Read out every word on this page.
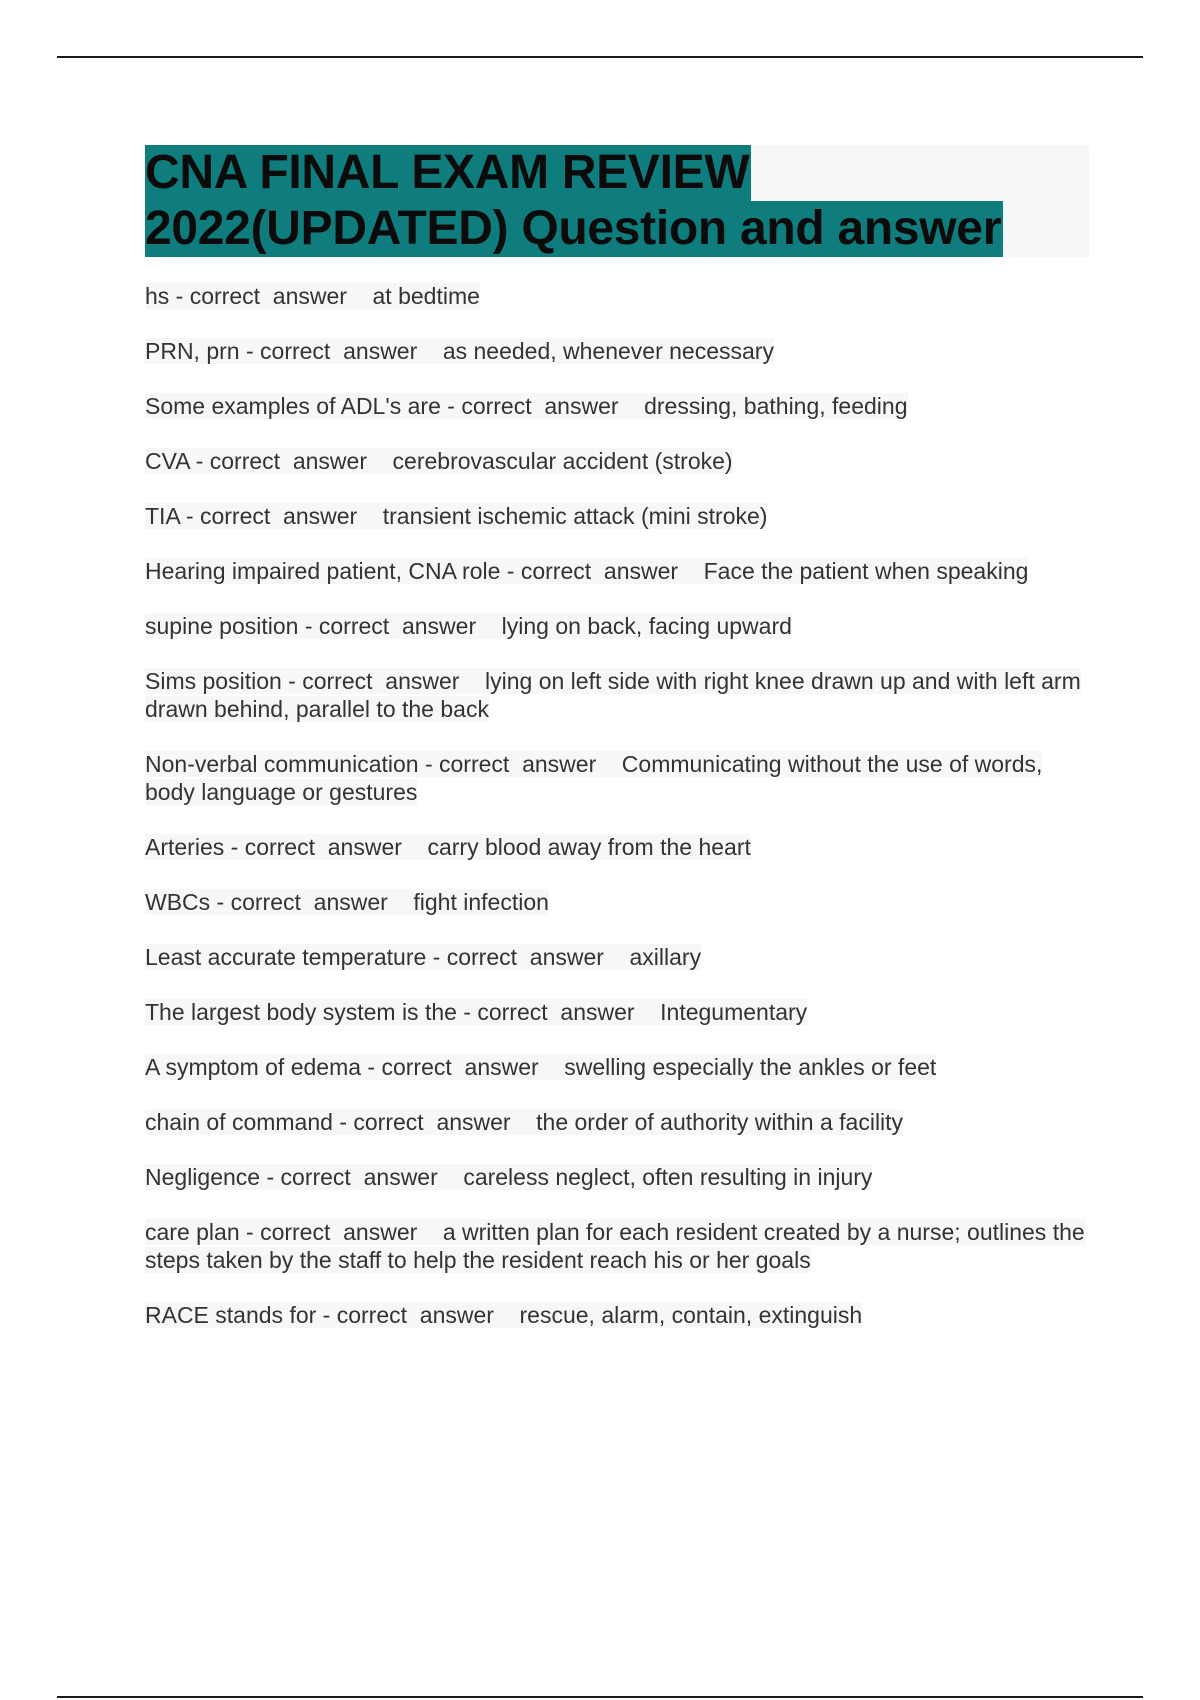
CNA FINAL EXAM REVIEW
2022(UPDATED) Question and answer
hs - correct  answer    at bedtime
PRN, prn - correct  answer    as needed, whenever necessary
Some examples of ADL's are - correct  answer    dressing, bathing, feeding
CVA - correct  answer    cerebrovascular accident (stroke)
TIA - correct  answer    transient ischemic attack (mini stroke)
Hearing impaired patient, CNA role - correct  answer    Face the patient when speaking
supine position - correct  answer    lying on back, facing upward
Sims position - correct  answer    lying on left side with right knee drawn up and with left arm drawn behind, parallel to the back
Non-verbal communication - correct  answer    Communicating without the use of words, body language or gestures
Arteries - correct  answer    carry blood away from the heart
WBCs - correct  answer    fight infection
Least accurate temperature - correct  answer    axillary
The largest body system is the - correct  answer    Integumentary
A symptom of edema - correct  answer    swelling especially the ankles or feet
chain of command - correct  answer    the order of authority within a facility
Negligence - correct  answer    careless neglect, often resulting in injury
care plan - correct  answer    a written plan for each resident created by a nurse; outlines the steps taken by the staff to help the resident reach his or her goals
RACE stands for - correct  answer    rescue, alarm, contain, extinguish
